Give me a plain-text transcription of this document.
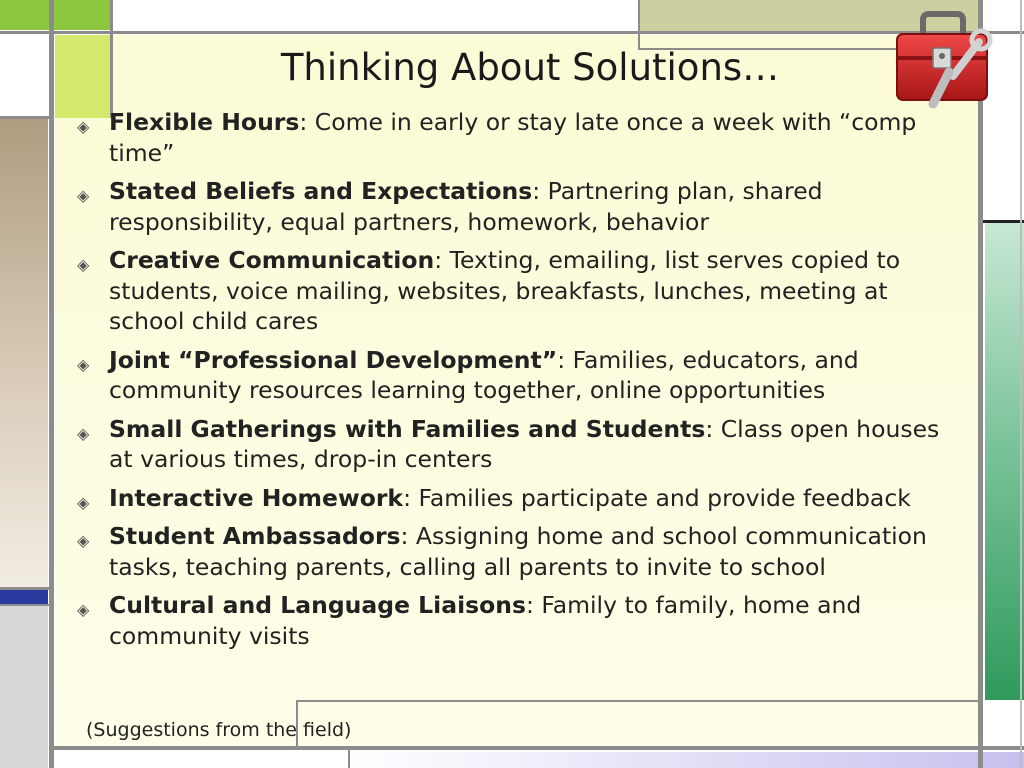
Thinking About Solutions…
◈ Flexible Hours: Come in early or stay late once a week with “comp time”
◈ Stated Beliefs and Expectations: Partnering plan, shared responsibility, equal partners, homework, behavior
◈ Creative Communication: Texting, emailing, list serves copied to students, voice mailing, websites, breakfasts, lunches, meeting at school child cares
◈ Joint “Professional Development”: Families, educators, and community resources learning together, online opportunities
◈ Small Gatherings with Families and Students: Class open houses at various times, drop-in centers
◈ Interactive Homework: Families participate and provide feedback
◈ Student Ambassadors: Assigning home and school communication tasks, teaching parents, calling all parents to invite to school
◈ Cultural and Language Liaisons: Family to family, home and community visits
(Suggestions from the field)
